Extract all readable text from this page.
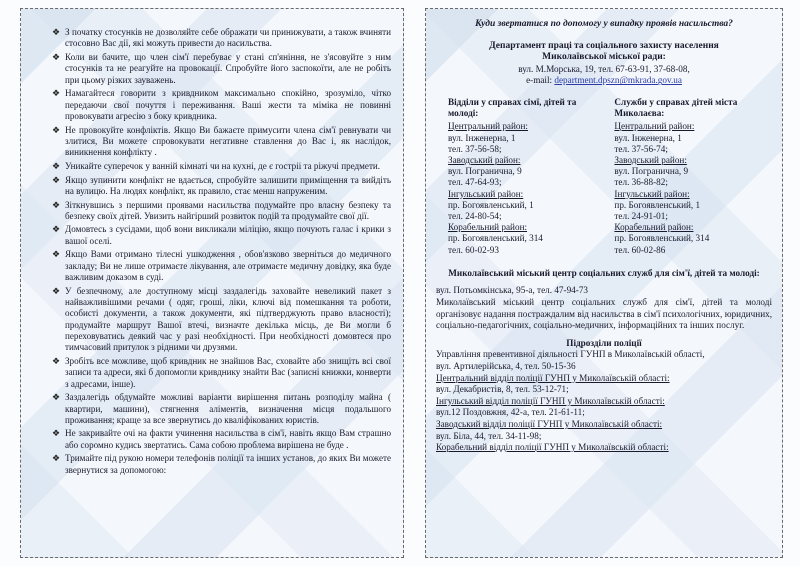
❖ З початку стосунків не дозволяйте себе ображати чи принижувати, а також вчиняти стосовно Вас дії, які можуть привести до насильства.
❖ Коли ви бачите, що член сім'ї перебуває у стані сп'яніння, не з'ясовуйте з ним стосунків та не реагуйте на провокації. Спробуйте його заспокоїти, але не робіть при цьому різких зауважень.
❖ Намагайтеся говорити з кривдником максимально спокійно, зрозуміло, чітко передаючи свої почуття і переживання. Ваші жести та міміка не повинні провокувати агресію з боку кривдника.
❖ Не провокуйте конфліктів. Якщо Ви бажаєте примусити члена сім'ї ревнувати чи злитися, Ви можете спровокувати негативне ставлення до Вас і, як наслідок, виникнення конфлікту .
❖ Уникайте суперечок у ванній кімнаті чи на кухні, де є гостріі та ріжучі предмети.
❖ Якщо зупинити конфлікт не вдається, спробуйте залишити приміщення та вийдіть на вулицю. На людях конфлікт, як правило, стає менш напруженим.
❖ Зіткнувшись з першими проявами насильства подумайте про власну безпеку та безпеку своїх дітей. Увизить найгірший розвиток подій та продумайте свої дії.
❖ Домовтесь з сусідами, щоб вони викликали міліцію, якщо почують галас і крики з вашої оселі.
❖ Якщо Вами отримано тілесні ушкодження , обов'язково зверніться до медичного закладу; Ви не лише отримаєте лікування, але отримаєте медичну довідку, яка буде важливим доказом в суді.
❖ У безпечному, але доступному місці заздалегідь заховайте невеликий пакет з найважливішими речами ( одяг, гроші, ліки, ключі від помешкання та роботи, особисті документи, а також документи, які підтверджують право власності); продумайте маршрут Вашої втечі, визначте декілька місць, де Ви могли б переховуватись деякий час у разі необхідності. При необхідності домовтеся про тимчасовий притулок з рідними чи друзями.
❖ Зробіть все можливе, щоб кривдник не знайшов Вас, сховайте або знищіть всі свої записи та адреси, які б допомогли кривднику знайти Вас (записні книжки, конверти з адресами, інше).
❖ Заздалегідь обдумайте можливі варіанти вирішення питань розподілу майна ( квартири, машини), стягнення аліментів, визначення місця подальшого проживання; краще за все звернутись до кваліфікованих юристів.
❖ Не закривайте очі на факти учинення насильства в сім'ї, навіть якщо Вам страшно або соромно кудись звертатись. Сама собою проблема вирішена не буде .
❖ Тримайте під рукою номери телефонів поліції та інших установ, до яких Ви можете звернутися за допомогою:
Куди звертатися по допомогу у випадку проявів насильства?
Департамент праці та соціального захисту населення
Миколаївської міської ради:
вул. М.Морська, 19, тел. 67-63-91, 37-68-08,
e-mail: department.dpszn@mkrada.gov.ua
Відділи у справах сімї, дітей та молоді:
Центральний район:
вул. Інженерна, 1
тел. 37-56-58;
Заводський район:
вул. Погранична, 9
тел. 47-64-93;
Інгульський район:
пр. Богоявленський, 1
тел. 24-80-54;
Корабельний район:
пр. Богоявленський, 314
тел. 60-02-93
Служби у справах дітей міста Миколаєва:
Центральний район:
вул. Інженерна, 1
тел. 37-56-74;
Заводський район:
вул. Погранична, 9
тел. 36-88-82;
Інгульський район:
пр. Богоявленський, 1
тел. 24-91-01;
Корабельний район:
пр. Богоявленський, 314
тел. 60-02-86
Миколаївський міський центр соціальних служб для сім'ї, дітей та молоді:
вул. Потьомкінська, 95-а, тел. 47-94-73
Миколаївський міський центр соціальних служб для сім'ї, дітей та молоді організовує надання постраждалим від насильства в сім'ї психологічних, юридичних, соціально-педагогічних, соціально-медичних, інформаційних та інших послуг.
Підрозділи поліції
Управління превентивної діяльності ГУНП в Миколаївській області,
вул. Артилерійська, 4, тел. 50-15-36
Центральний відділ поліції ГУНП у Миколаївській області:
вул. Декабристів, 8, тел. 53-12-71;
Інгульський відділ поліції ГУНП у Миколаївській області:
вул.12 Поздовжня, 42-а, тел. 21-61-11;
Заводський відділ поліції ГУНП у Миколаївській області:
вул. Біла, 44, тел. 34-11-98;
Корабельний відділ поліції ГУНП у Миколаївській області:
